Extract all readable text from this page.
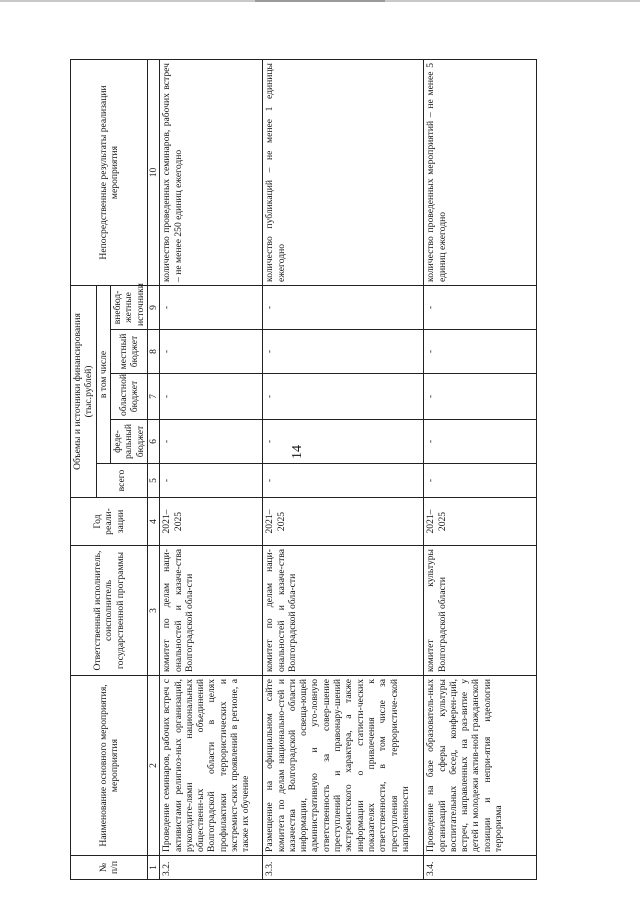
14
№ п/п	Наименование основного мероприятия, мероприятия	Ответственный исполнитель, соисполнитель государственной программы	Год реали-зации	Объемы и источники финансирования (тыс.рублей)					Непосредственные результаты реализации мероприятия
				всего	в том числе				
					феде-ральный бюджет	областной бюджет	местный бюджет	внебюд-жетные источники	
1	2	3	4	5	6	7	8	9	10
3.2.	Проведение семинаров, рабочих встреч с активистами религиоз-ных организаций, руководите-лями национальных общественн-ых объединений Волгоградской области в целях профилактики террористических и экстремист-ских проявлений в регионе, а также их обучение	комитет по делам наци-ональностей и казаче-ства Волгоградской обла-сти	2021–2025	-	-	-	-	-	количество проведенных семинаров, рабочих встреч – не менее 250 единиц ежегодно
3.3.	Размещение на официальном сайте комитета по делам национально-стей и казачества Волгоградской области информации, освеща-ющей административную и уго-ловную ответственность за совер-шение преступлений и правонару-шений экстремистского характера, а также информации о статисти-ческих показателях привлечения к ответственности, в том числе за преступления террористиче-ской направленности	комитет по делам наци-ональностей и казаче-ства Волгоградской обла-сти	2021–2025	-	-	-	-	-	количество публикаций – не менее 1 единицы ежегодно
3.4.	Проведение на базе образователь-ных организаций сферы культуры воспитательных бесед, конферен-ций, встреч, направленных на раз-витие у детей и молодежи актив-ной гражданской позиции и непри-ятия идеологии терроризма	комитет культуры Волгоградской области	2021–2025	-	-	-	-	-	количество проведенных мероприятий – не менее 5 единиц ежегодно
